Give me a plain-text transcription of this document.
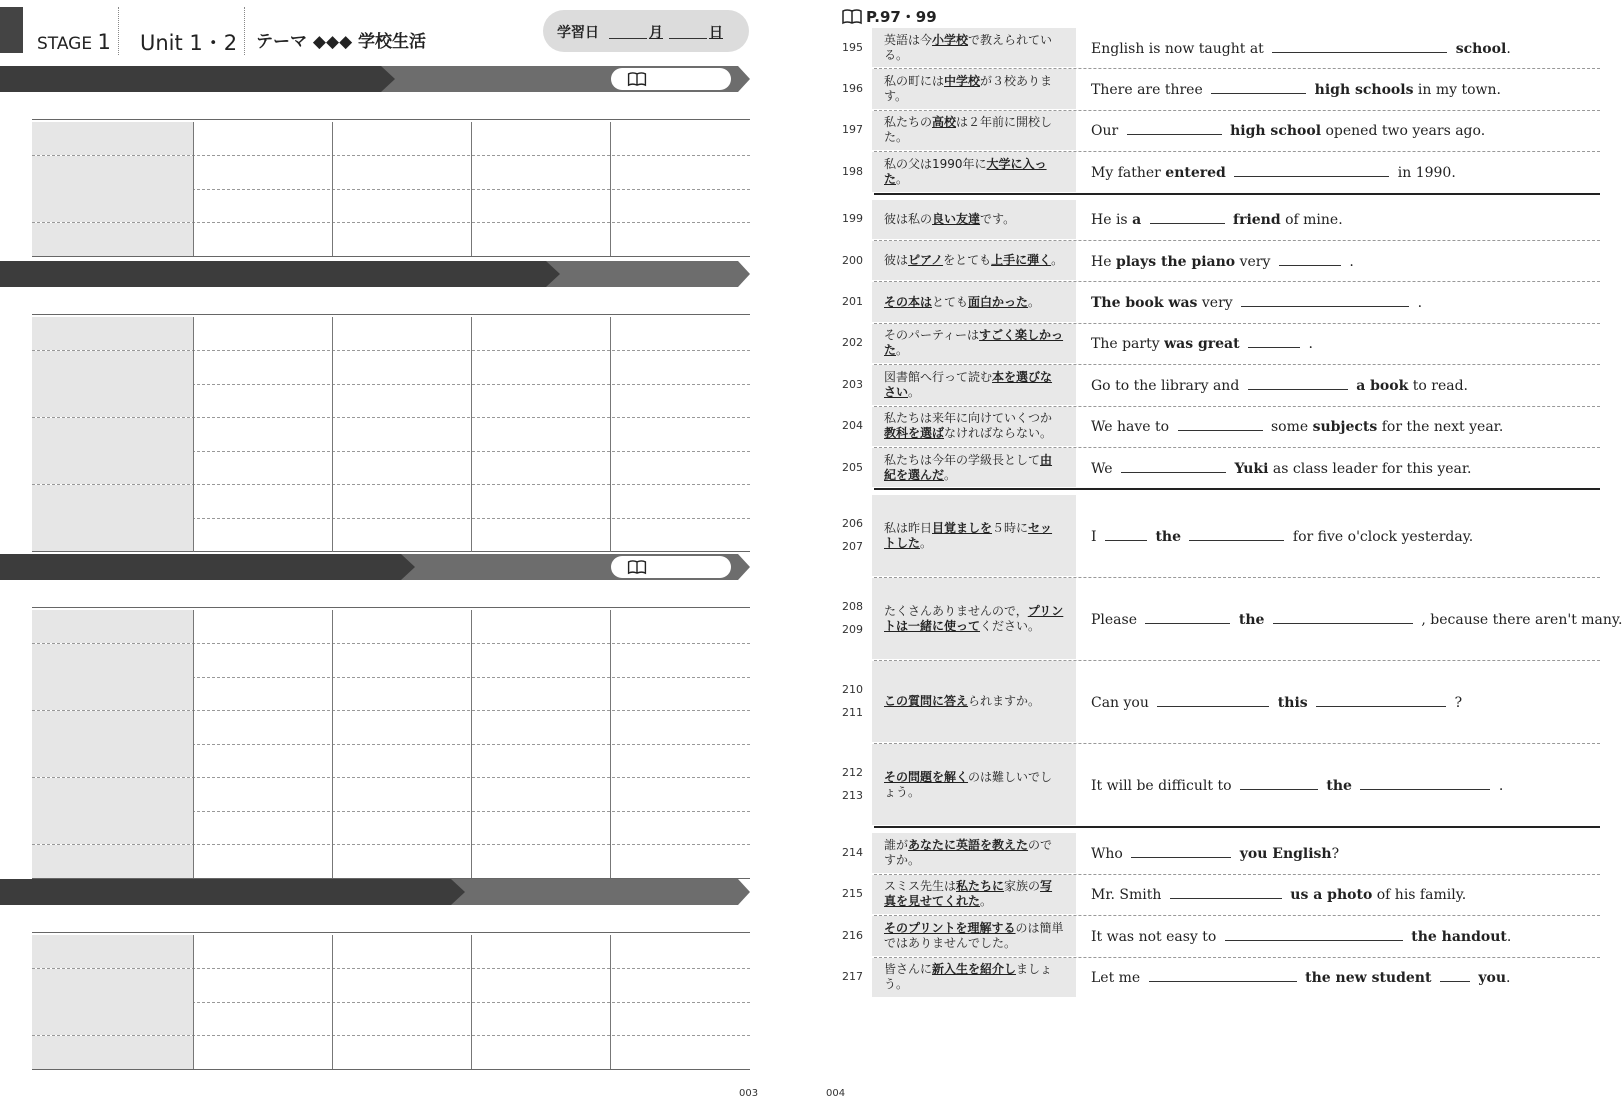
STAGE 1 Unit 1・2 テーマ ◆◆◆ 学校生活	学習日	月	日
003
P.97・99
195
英語は今小学校で教えられている。	English is now taught at	school.
196
私の町には中学校が３校あります。	There are three	high schools in my town.
197
私たちの高校は２年前に開校した。	Our	high school opened two years ago.
198
私の父は1990年に大学に入った。	My father entered	in 1990.
199 彼は私の良い友達です。	He is a	friend of mine.
200 彼はピアノをとても上手に弾く。 He plays the piano very	.
201 その本はとても面白かった。	The book was very	.
202
そのパーティーはすごく楽しかった。	The party was great	.
203
図書館へ行って読む本を選びなさい。	Go to the library and	a book to read.
204
私たちは来年に向けていくつか教科を選ばなければならない。	We have to	some subjects for the next year.
205
私たちは今年の学級長として由紀を選んだ。	We	Yuki as class leader for this year.
206
207
私は昨日目覚ましを５時にセットした。	I	the	for five o'clock yesterday.
208
209
たくさんありませんので，プリントは一緒に使ってください。	Please	the	, because there aren't many.
210
211
この質問に答えられますか。	Can you	this	?
212
213
その問題を解くのは難しいでしょう。	It will be difficult to	the	.
214
誰があなたに英語を教えたのですか。	Who	you English?
215
スミス先生は私たちに家族の写真を見せてくれた。	Mr. Smith	us a photo of his family.
216
そのプリントを理解するのは簡単ではありませんでした。	It was not easy to	the handout.
217
皆さんに新入生を紹介しましょう。	Let me	the new student	you.
004
